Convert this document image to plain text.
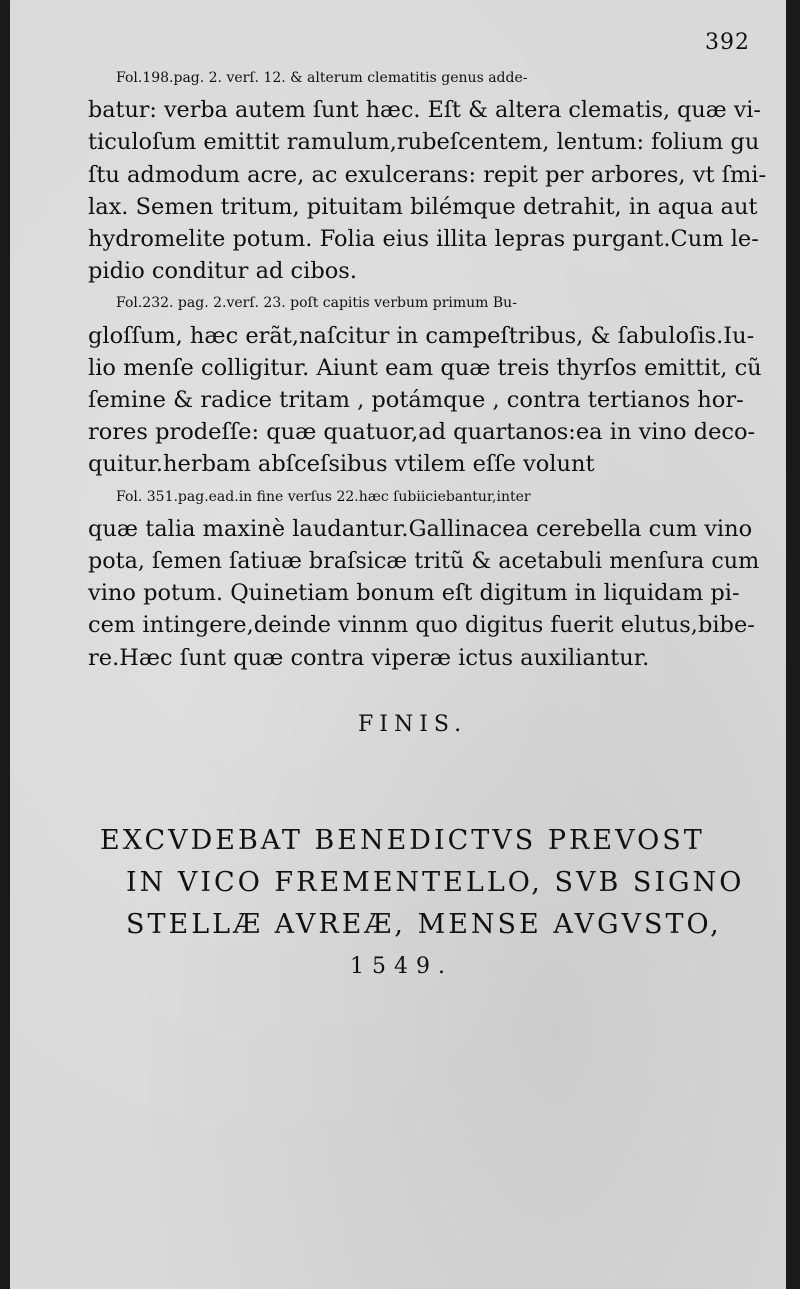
392
Fol.198.pag. 2. verſ. 12. & alterum clematitis genus adde-
batur: verba autem ſunt hæc. Eſt & altera clematis, quæ vi-
ticuloſum emittit ramulum,rubeſcentem, lentum: folium gu
ſtu admodum acre, ac exulcerans: repit per arbores, vt ſmi-
lax. Semen tritum, pituitam bilémque detrahit, in aqua aut
hydromelite potum. Folia eius illita lepras purgant.Cum le-
pidio conditur ad cibos.
Fol.232. pag. 2.verſ. 23. poſt capitis verbum primum Bu-
gloſſum, hæc erãt,naſcitur in campeſtribus, & ſabuloſis.Iu-
lio menſe colligitur. Aiunt eam quæ treis thyrſos emittit, cũ
ſemine & radice tritam , potámque , contra tertianos hor-
rores prodeſſe: quæ quatuor,ad quartanos:ea in vino deco-
quitur.herbam abſceſsibus vtilem eſſe volunt
Fol. 351.pag.ead.in fine verſus 22.hæc ſubiiciebantur,inter
quæ talia maxinè laudantur.Gallinacea cerebella cum vino
pota, ſemen ſatiuæ braſsicæ tritũ & acetabuli menſura cum
vino potum. Quinetiam bonum eſt digitum in liquidam pi-
cem intingere,deinde vinnm quo digitus fuerit elutus,bibe-
re.Hæc ſunt quæ contra viperæ ictus auxiliantur.
FINIS.
EXCVDEBAT BENEDICTVS PREVOST
IN VICO FREMENTELLO, SVB SIGNO
STELLÆ AVREÆ, MENSE AVGVSTO,
1549.
